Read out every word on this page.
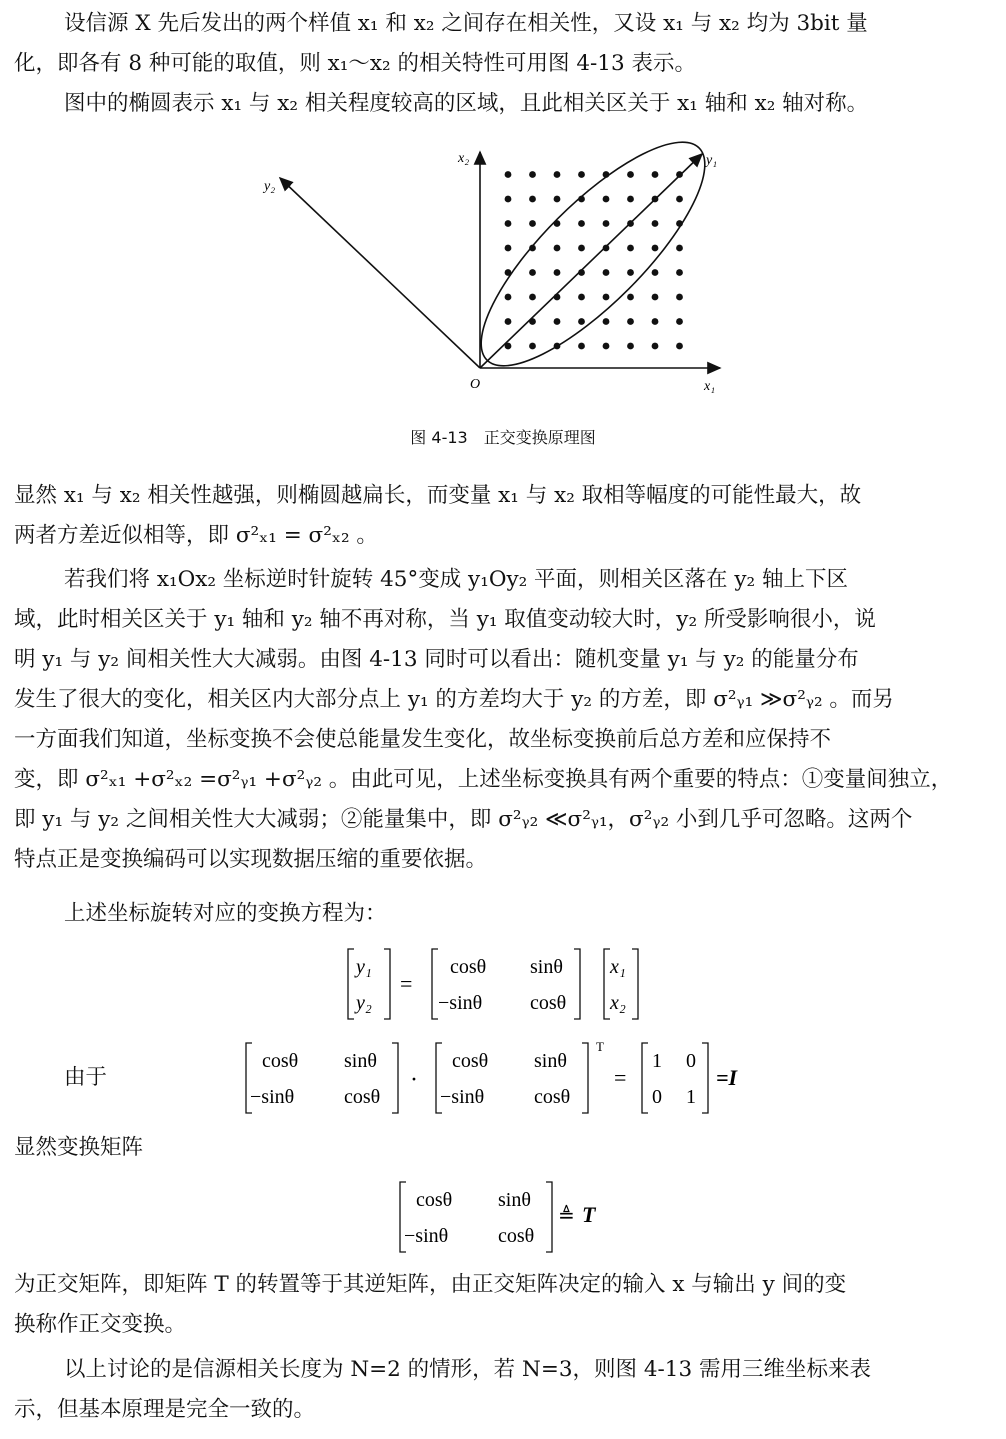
设信源 X 先后发出的两个样值 x₁ 和 x₂ 之间存在相关性，又设 x₁ 与 x₂ 均为 3bit 量
化，即各有 8 种可能的取值，则 x₁～x₂ 的相关特性可用图 4-13 表示。
图中的椭圆表示 x₁ 与 x₂ 相关程度较高的区域，且此相关区关于 x₁ 轴和 x₂ 轴对称。
x₂
y₂
y₁
O	x₁
图 4-13　正交变换原理图
显然 x₁ 与 x₂ 相关性越强，则椭圆越扁长，而变量 x₁ 与 x₂ 取相等幅度的可能性最大，故
两者方差近似相等，即 σ²ₓ₁ = σ²ₓ₂ 。
若我们将 x₁Ox₂ 坐标逆时针旋转 45°变成 y₁Oy₂ 平面，则相关区落在 y₂ 轴上下区
域，此时相关区关于 y₁ 轴和 y₂ 轴不再对称，当 y₁ 取值变动较大时，y₂ 所受影响很小，说
明 y₁ 与 y₂ 间相关性大大减弱。由图 4-13 同时可以看出：随机变量 y₁ 与 y₂ 的能量分布
发生了很大的变化，相关区内大部分点上 y₁ 的方差均大于 y₂ 的方差，即 σ²ᵧ₁ ≫σ²ᵧ₂ 。而另
一方面我们知道，坐标变换不会使总能量发生变化，故坐标变换前后总方差和应保持不
变，即 σ²ₓ₁ +σ²ₓ₂ =σ²ᵧ₁ +σ²ᵧ₂ 。由此可见，上述坐标变换具有两个重要的特点：①变量间独立，
即 y₁ 与 y₂ 之间相关性大大减弱；②能量集中，即 σ²ᵧ₂ ≪σ²ᵧ₁，σ²ᵧ₂ 小到几乎可忽略。这两个
特点正是变换编码可以实现数据压缩的重要依据。
上述坐标旋转对应的变换方程为：
y₁
y₂
=
cosθ sinθ
−sinθ cosθ
x₁
x₂
由于
cosθ sinθ
−sinθ cosθ
·
cosθ sinθ
−sinθ cosθ
T
=
1 0
0 1
=I
显然变换矩阵
cosθ sinθ
−sinθ cosθ
≜ T
为正交矩阵，即矩阵 T 的转置等于其逆矩阵，由正交矩阵决定的输入 x 与输出 y 间的变
换称作正交变换。
以上讨论的是信源相关长度为 N=2 的情形，若 N=3，则图 4-13 需用三维坐标来表
示，但基本原理是完全一致的。
